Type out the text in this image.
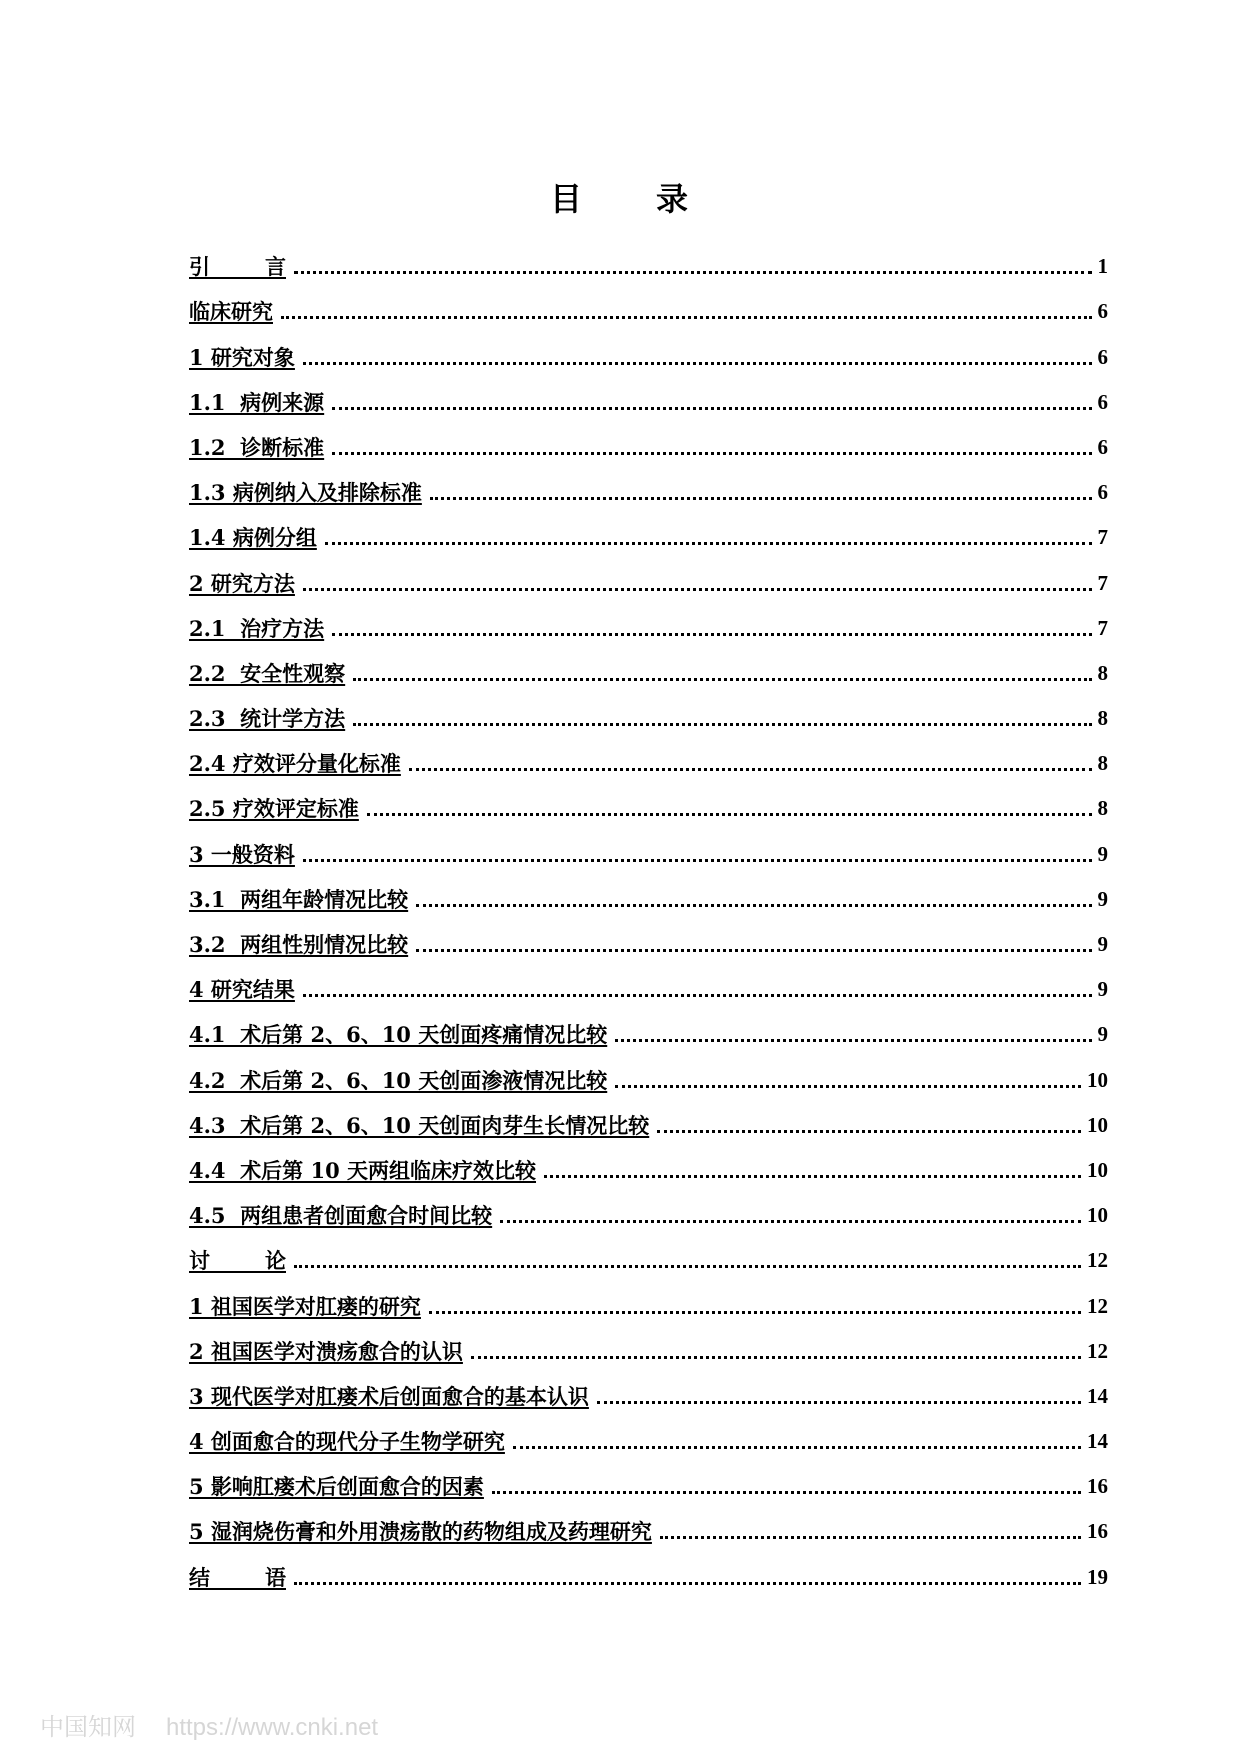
目 录
引    言	1
临床研究	6
1 研究对象	6
1.1  病例来源	6
1.2  诊断标准	6
1.3 病例纳入及排除标准	6
1.4 病例分组	7
2 研究方法	7
2.1  治疗方法	7
2.2  安全性观察	8
2.3  统计学方法	8
2.4 疗效评分量化标准	8
2.5 疗效评定标准	8
3 一般资料	9
3.1  两组年龄情况比较	9
3.2  两组性别情况比较	9
4 研究结果	9
4.1  术后第 2、6、10 天创面疼痛情况比较	9
4.2  术后第 2、6、10 天创面渗液情况比较	10
4.3  术后第 2、6、10 天创面肉芽生长情况比较	10
4.4  术后第 10 天两组临床疗效比较	10
4.5  两组患者创面愈合时间比较	10
讨    论	12
1 祖国医学对肛瘘的研究	12
2 祖国医学对溃疡愈合的认识	12
3 现代医学对肛瘘术后创面愈合的基本认识	14
4 创面愈合的现代分子生物学研究	14
5 影响肛瘘术后创面愈合的因素	16
5 湿润烧伤膏和外用溃疡散的药物组成及药理研究	16
结    语	19
中国知网 https://www.cnki.net
